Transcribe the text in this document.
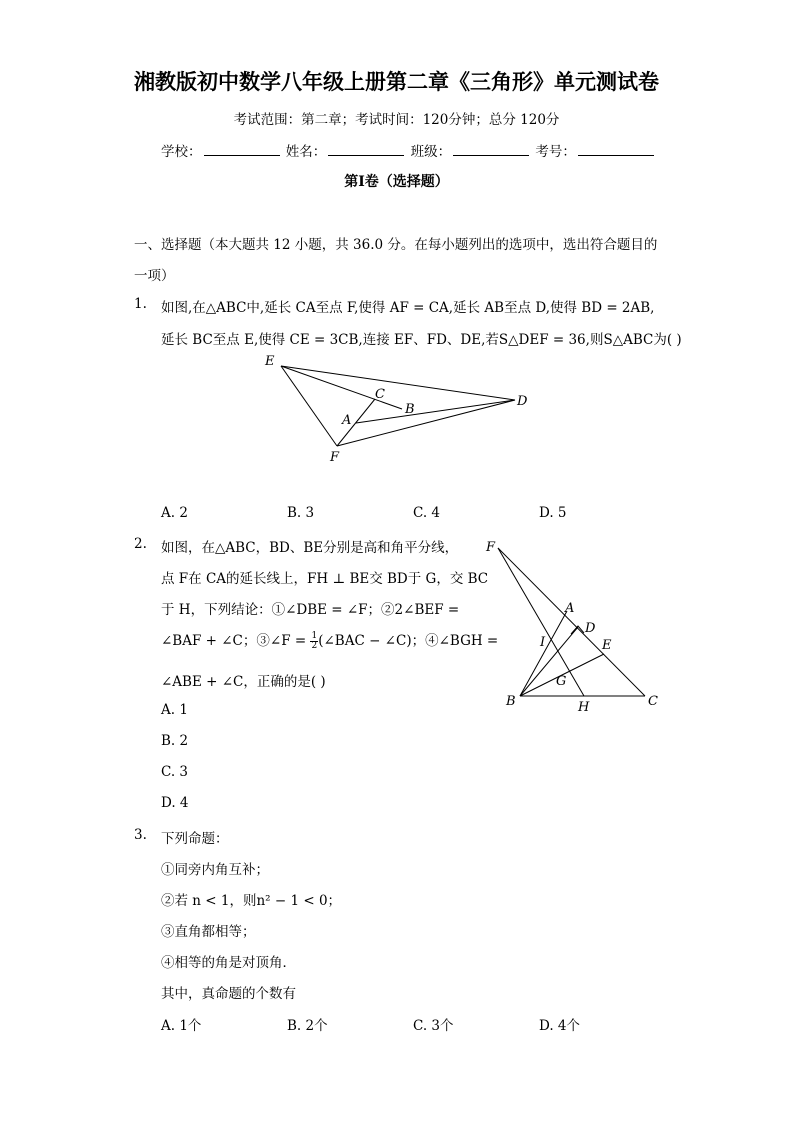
湘教版初中数学八年级上册第二章《三角形》单元测试卷
考试范围：第二章；考试时间：120分钟；总分 120分
学校：	姓名：	班级：	考号：
第I卷（选择题）
一、选择题（本大题共 12 小题，共 36.0 分。在每小题列出的选项中，选出符合题目的
一项）
1. 如图,在△ABC中,延长 CA至点 F,使得 AF = CA,延长 AB至点 D,使得 BD = 2AB,
延长 BC至点 E,使得 CE = 3CB,连接 EF、FD、DE,若S△DEF = 36,则S△ABC为( )
E
C
B
A
D
F
A. 2	B. 3	C. 4	D. 5
2. 如图，在△ABC，BD、BE分别是高和角平分线，
点 F在 CA的延长线上，FH ⊥ BE交 BD于 G，交 BC
于 H，下列结论：①∠DBE = ∠F；②2∠BEF =
∠BAF + ∠C；③∠F = $\frac{1}{2}$ (∠BAC − ∠C)；④∠BGH =
∠ABE + ∠C，正确的是( )
F
A
D
I	E
G
B	H	C
A. 1
B. 2
C. 3
D. 4
3. 下列命题：
①同旁内角互补；
②若 n < 1，则n² − 1 < 0；
③直角都相等；
④相等的角是对顶角．
其中，真命题的个数有
A. 1个	B. 2个	C. 3个	D. 4个
